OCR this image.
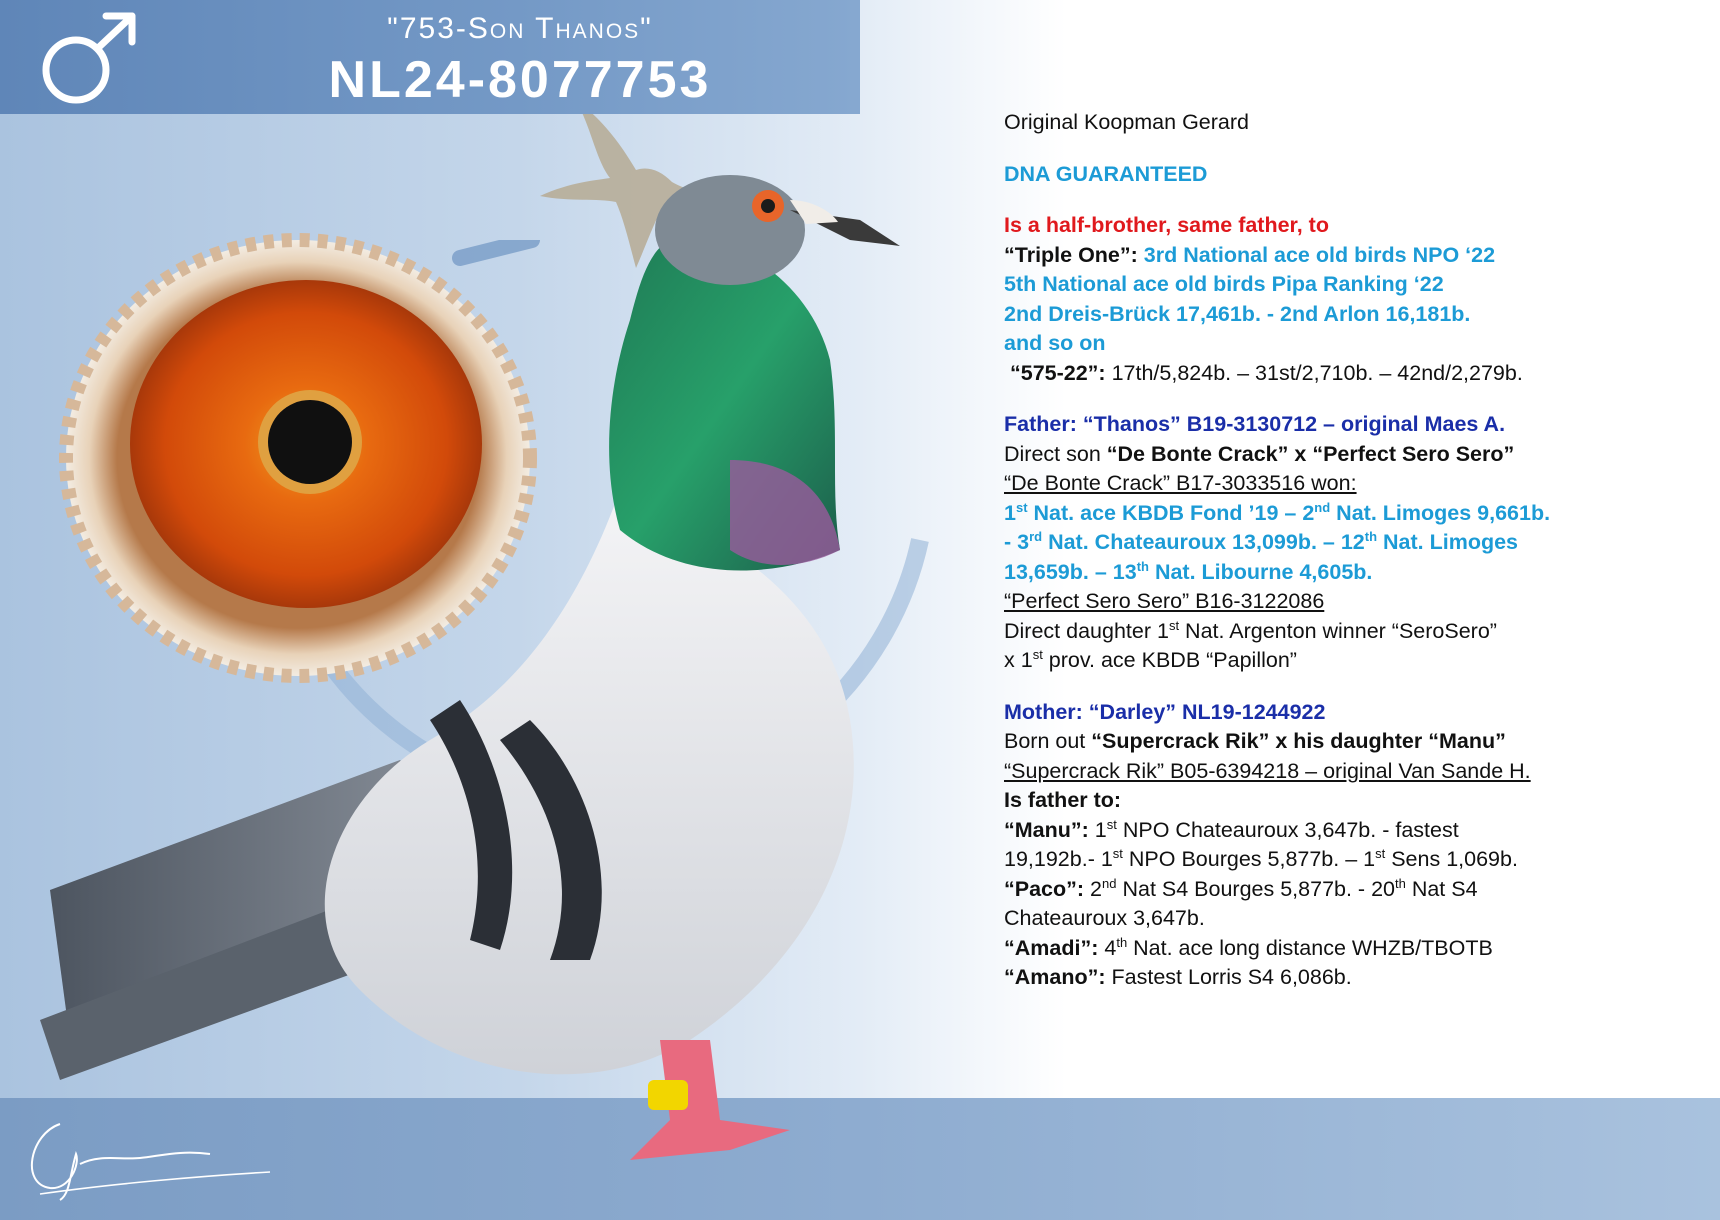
"753-Son Thanos"
NL24-8077753

Original Koopman Gerard

DNA GUARANTEED

Is a half-brother, same father, to

“Triple One”: 3rd National ace old birds NPO ‘22

5th National ace old birds Pipa Ranking ‘22

2nd Dreis-Brück 17,461b. - 2nd Arlon 16,181b.

and so on

“575-22”: 17th/5,824b. – 31st/2,710b. – 42nd/2,279b.

Father: “Thanos” B19-3130712 – original Maes A.

Direct son “De Bonte Crack” x “Perfect Sero Sero”

“De Bonte Crack” B17-3033516 won:

1st Nat. ace KBDB Fond ’19 – 2nd Nat. Limoges 9,661b.

- 3rd Nat. Chateauroux 13,099b. – 12th Nat. Limoges

13,659b. – 13th Nat. Libourne 4,605b.

“Perfect Sero Sero” B16-3122086

Direct daughter 1st Nat. Argenton winner “SeroSero”

x 1st prov. ace KBDB “Papillon”

Mother: “Darley” NL19-1244922

Born out “Supercrack Rik” x his daughter “Manu”

“Supercrack Rik” B05-6394218 – original Van Sande H.

Is father to:

“Manu”: 1st NPO Chateauroux 3,647b. - fastest

19,192b.- 1st NPO Bourges 5,877b. – 1st Sens 1,069b.

“Paco”: 2nd Nat S4 Bourges 5,877b. - 20th Nat S4

Chateauroux 3,647b.

“Amadi”: 4th Nat. ace long distance WHZB/TBOTB

“Amano”: Fastest Lorris S4 6,086b.
